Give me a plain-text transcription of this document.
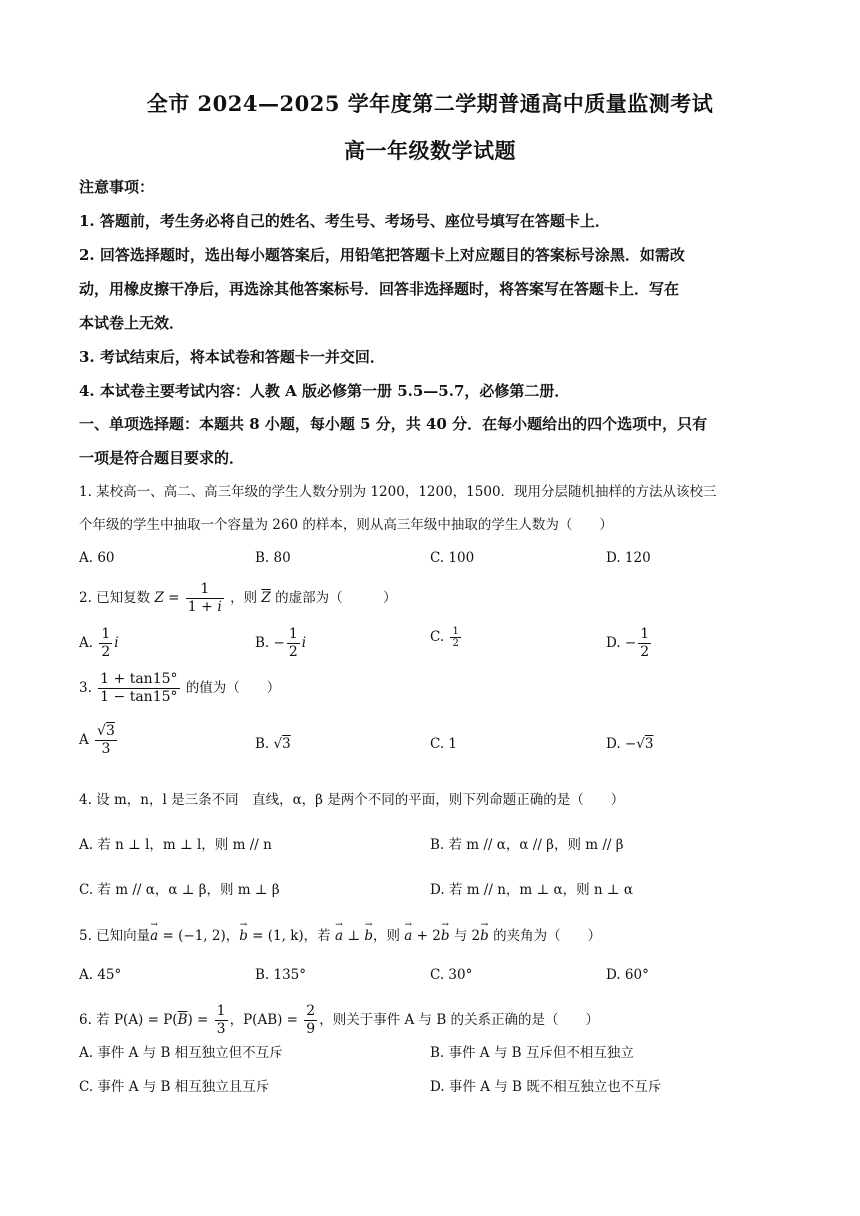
全市 2024—2025 学年度第二学期普通高中质量监测考试
高一年级数学试题
注意事项：
1. 答题前，考生务必将自己的姓名、考生号、考场号、座位号填写在答题卡上．
2. 回答选择题时，选出每小题答案后，用铅笔把答题卡上对应题目的答案标号涂黑．如需改
动，用橡皮擦干净后，再选涂其他答案标号．回答非选择题时，将答案写在答题卡上．写在
本试卷上无效．
3. 考试结束后，将本试卷和答题卡一并交回．
4. 本试卷主要考试内容：人教 A 版必修第一册 5.5—5.7，必修第二册．
一、单项选择题：本题共 8 小题，每小题 5 分，共 40 分．在每小题给出的四个选项中，只有
一项是符合题目要求的．
1. 某校高一、高二、高三年级的学生人数分别为 1200，1200，1500．现用分层随机抽样的方法从该校三
个年级的学生中抽取一个容量为 260 的样本，则从高三年级中抽取的学生人数为（　　）
A. 60	B. 80	C. 100	D. 120
2. 已知复数 $Z = \frac{1}{1 + i}$ ，则 $\overline{Z}$ 的虚部为（　　　）
A. $\frac{1}{2}$ i	B. − $\frac{1}{2}$ i	C. $\frac{1}{2}$	D. − $\frac{1}{2}$
3. $\frac{1 + \tan 15^\circ}{1 - \tan 15^\circ}$ 的值为（　　）
A $\frac{√3}{3}$	B. √3	C. 1	D. −√3
4. 设 m，n，l 是三条不同　直线，α，β 是两个不同的平面，则下列命题正确的是（　　）
A. 若 n ⊥ l，m ⊥ l，则 m // n	B. 若 m // α，α // β，则 m // β
C. 若 m // α，α ⊥ β，则 m ⊥ β	D. 若 m // n，m ⊥ α，则 n ⊥ α
5. 已知向量→ a = (−1, 2)，→ b = (1, k)，若 → a ⊥ → b，则 → a + 2→ b 与 2→ b 的夹角为（　　）
A. 45°	B. 135°	C. 30°	D. 60°
6. 若 $P(A) = P(\overline{B}) = \frac{1}{3}$ ，$P(AB) = \frac{2}{9}$ ，则关于事件 A 与 B 的关系正确的是（　　）
A. 事件 A 与 B 相互独立但不互斥	B. 事件 A 与 B 互斥但不相互独立
C. 事件 A 与 B 相互独立且互斥	D. 事件 A 与 B 既不相互独立也不互斥
